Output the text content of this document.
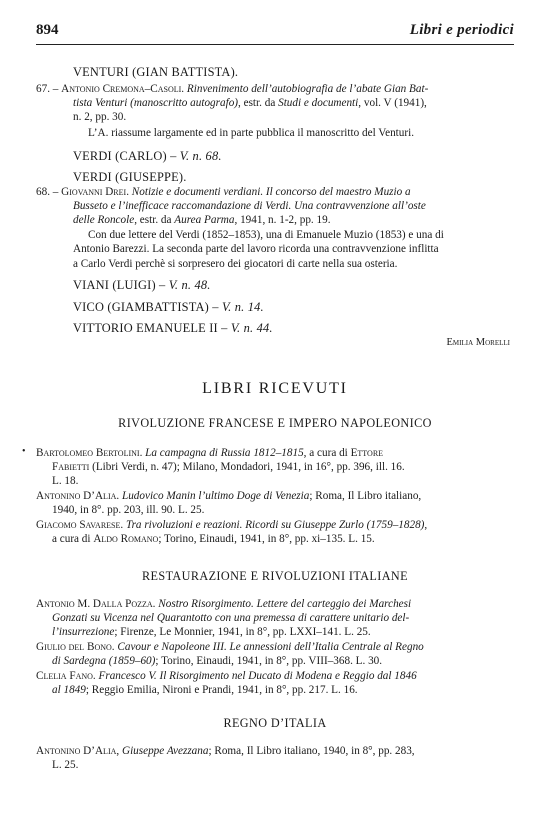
894	Libri e periodici
VENTURI (GIAN BATTISTA).
67. – Antonio Cremona–Casoli. Rinvenimento dell’autobiografia de l’abate Gian Bat-
tista Venturi (manoscritto autografo), estr. da Studi e documenti, vol. V (1941),
n. 2, pp. 30.
L’A. riassume largamente ed in parte pubblica il manoscritto del Venturi.
VERDI (CARLO) – V. n. 68.
VERDI (GIUSEPPE).
68. – Giovanni Drei. Notizie e documenti verdiani. Il concorso del maestro Muzio a
Busseto e l’inefficace raccomandazione di Verdi. Una contravvenzione all’oste
delle Roncole, estr. da Aurea Parma, 1941, n. 1-2, pp. 19.
Con due lettere del Verdi (1852–1853), una di Emanuele Muzio (1853) e una di
Antonio Barezzi. La seconda parte del lavoro ricorda una contravvenzione inflitta
a Carlo Verdi perchè si sorpresero dei giocatori di carte nella sua osteria.
VIANI (LUIGI) – V. n. 48.
VICO (GIAMBATTISTA) – V. n. 14.
VITTORIO EMANUELE II – V. n. 44.
Emilia Morelli
LIBRI RICEVUTI
RIVOLUZIONE FRANCESE E IMPERO NAPOLEONICO
• Bartolomeo Bertolini. La campagna di Russia 1812–1815, a cura di Ettore
Fabietti (Libri Verdi, n. 47); Milano, Mondadori, 1941, in 16°, pp. 396, ill. 16.
L. 18.
Antonino D’Alia. Ludovico Manin l’ultimo Doge di Venezia; Roma, Il Libro italiano,
1940, in 8°. pp. 203, ill. 90. L. 25.
Giacomo Savarese. Tra rivoluzioni e reazioni. Ricordi su Giuseppe Zurlo (1759–1828),
a cura di Aldo Romano; Torino, Einaudi, 1941, in 8°, pp. xi–135. L. 15.
RESTAURAZIONE E RIVOLUZIONI ITALIANE
Antonio M. Dalla Pozza. Nostro Risorgimento. Lettere del carteggio dei Marchesi
Gonzati su Vicenza nel Quarantotto con una premessa di carattere unitario del-
l’insurrezione; Firenze, Le Monnier, 1941, in 8°, pp. LXXI–141. L. 25.
Giulio del Bono. Cavour e Napoleone III. Le annessioni dell’Italia Centrale al Regno
di Sardegna (1859–60); Torino, Einaudi, 1941, in 8°, pp. VIII–368. L. 30.
Clelia Fano. Francesco V. Il Risorgimento nel Ducato di Modena e Reggio dal 1846
al 1849; Reggio Emilia, Nironi e Prandi, 1941, in 8°, pp. 217. L. 16.
REGNO D’ITALIA
Antonino D’Alia, Giuseppe Avezzana; Roma, Il Libro italiano, 1940, in 8°, pp. 283,
L. 25.
